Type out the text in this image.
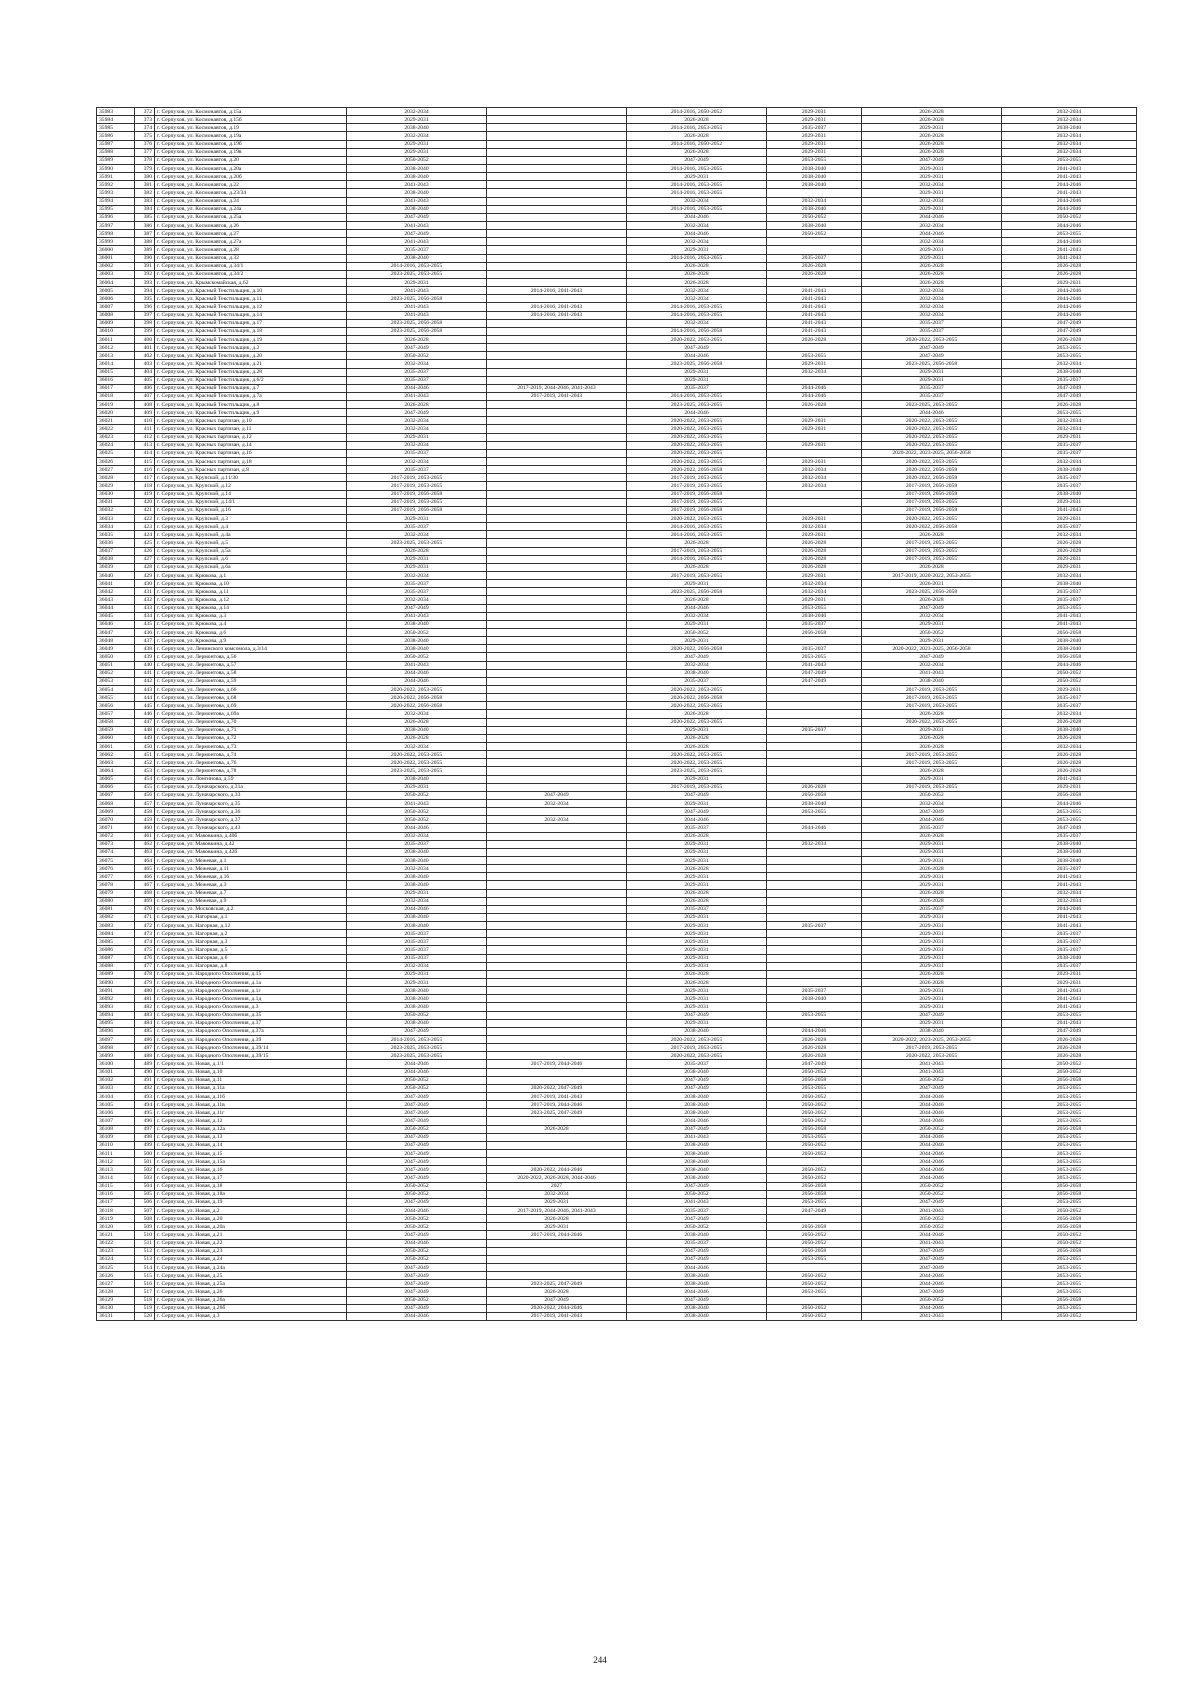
35983	372	г. Серпухов, ул. Космонавтов, д.15а	2032-2034		2014-2016, 2050-2052	2029-2031	2026-2028	2032-2034
35984	373	г. Серпухов, ул. Космонавтов, д.15б	2029-2031		2026-2028	2029-2031	2026-2028	2032-2034
35985	374	г. Серпухов, ул. Космонавтов, д.19	2038-2040		2014-2016, 2053-2055	2035-2037	2029-2031	2038-2040
35986	375	г. Серпухов, ул. Космонавтов, д.19а	2032-2034		2026-2028	2029-2031	2026-2028	2032-2034
35987	376	г. Серпухов, ул. Космонавтов, д.19б	2029-2031		2014-2016, 2050-2052	2029-2031	2026-2028	2032-2034
35988	377	г. Серпухов, ул. Космонавтов, д.19в	2029-2031		2026-2028	2029-2031	2026-2028	2032-2034
35989	378	г. Серпухов, ул. Космонавтов, д.20	2050-2052		2047-2049	2053-2055	2047-2049	2053-2055
35990	379	г. Серпухов, ул. Космонавтов, д.20а	2038-2040		2014-2016, 2053-2055	2038-2040	2029-2031	2041-2043
35991	380	г. Серпухов, ул. Космонавтов, д.20б	2038-2040		2029-2031	2038-2040	2029-2031	2041-2043
35992	381	г. Серпухов, ул. Космонавтов, д.22	2041-2043		2014-2016, 2053-2055	2038-2040	2032-2034	2044-2046
35993	382	г. Серпухов, ул. Космонавтов, д.23/34	2038-2040		2014-2016, 2053-2055		2029-2031	2041-2043
35994	383	г. Серпухов, ул. Космонавтов, д.24	2041-2043		2032-2034	2032-2034	2032-2034	2044-2046
35995	384	г. Серпухов, ул. Космонавтов, д.24а	2038-2040		2014-2016, 2053-2055	2038-2040	2029-2031	2044-2046
35996	385	г. Серпухов, ул. Космонавтов, д.25а	2047-2049		2044-2046	2050-2052	2044-2046	2050-2052
35997	386	г. Серпухов, ул. Космонавтов, д.26	2041-2043		2032-2034	2038-2040	2032-2034	2044-2046
35998	387	г. Серпухов, ул. Космонавтов, д.27	2047-2049		2044-2046	2050-2052	2044-2046	2053-2055
35999	388	г. Серпухов, ул. Космонавтов, д.27а	2041-2043		2032-2034		2032-2034	2044-2046
36000	389	г. Серпухов, ул. Космонавтов, д.28	2035-2037		2029-2031		2029-2031	2041-2043
36001	390	г. Серпухов, ул. Космонавтов, д.32	2038-2040		2014-2016, 2053-2055	2035-2037	2029-2031	2041-2043
36002	391	г. Серпухов, ул. Космонавтов, д.34/1	2014-2016, 2053-2055		2026-2028	2026-2028	2026-2028	2026-2028
36003	392	г. Серпухов, ул. Космонавтов, д.34/2	2023-2025, 2053-2055		2026-2028	2026-2028	2026-2028	2026-2028
36004	393	г. Серпухов, ул. Крымскомайская, д.62	2029-2031		2026-2028		2026-2028	2029-2031
36005	394	г. Серпухов, ул. Красный Текстильщик, д.10	2041-2043	2014-2016, 2041-2043	2032-2034	2041-2043	2032-2034	2044-2046
36006	395	г. Серпухов, ул. Красный Текстильщик, д.11	2023-2025, 2056-2058		2032-2034	2041-2043	2032-2034	2044-2046
36007	396	г. Серпухов, ул. Красный Текстильщик, д.12	2041-2043	2014-2016, 2041-2043	2014-2016, 2053-2055	2041-2043	2032-2034	2044-2046
36008	397	г. Серпухов, ул. Красный Текстильщик, д.14	2041-2043	2014-2016, 2041-2043	2014-2016, 2053-2055	2041-2043	2032-2034	2044-2046
36009	398	г. Серпухов, ул. Красный Текстильщик, д.17	2023-2025, 2056-2058		2032-2034	2041-2043	2035-2037	2047-2049
36010	399	г. Серпухов, ул. Красный Текстильщик, д.18	2023-2025, 2056-2058		2014-2016, 2056-2058	2041-2043	2035-2037	2047-2049
36011	400	г. Серпухов, ул. Красный Текстильщик, д.19	2026-2028		2020-2022, 2053-2055	2026-2028	2020-2022, 2053-2055	2026-2028
36012	401	г. Серпухов, ул. Красный Текстильщик, д.2	2047-2049		2047-2049		2047-2049	2053-2055
36013	402	г. Серпухов, ул. Красный Текстильщик, д.20	2050-2052		2044-2046	2053-2055	2047-2049	2053-2055
36014	403	г. Серпухов, ул. Красный Текстильщик, д.21	2032-2034		2023-2025, 2056-2058	2029-2031	2023-2025, 2056-2058	2032-2034
36015	404	г. Серпухов, ул. Красный Текстильщик, д.28	2035-2037		2029-2031	2032-2034	2029-2031	2038-2040
36016	405	г. Серпухов, ул. Красный Текстильщик, д.6/2	2035-2037		2029-2031		2029-2031	2035-2037
36017	406	г. Серпухов, ул. Красный Текстильщик, д.7	2044-2046	2017-2019, 2044-2046, 2041-2043	2035-2037	2044-2046	2035-2037	2047-2049
36018	407	г. Серпухов, ул. Красный Текстильщик, д.7а	2041-2043	2017-2019, 2041-2043	2014-2016, 2053-2055	2044-2046	2035-2037	2047-2049
36019	408	г. Серпухов, ул. Красный Текстильщик, д.8	2026-2028		2023-2025, 2053-2055	2026-2028	2023-2025, 2053-2055	2026-2028
36020	409	г. Серпухов, ул. Красный Текстильщик, д.9	2047-2049		2044-2046		2044-2046	2053-2055
36021	410	г. Серпухов, ул. Красных партизан, д.10	2032-2034		2020-2022, 2053-2055	2029-2031	2020-2022, 2053-2055	2032-2034
36022	411	г. Серпухов, ул. Красных партизан, д.11	2032-2034		2020-2022, 2053-2055	2029-2031	2020-2022, 2053-2055	2032-2034
36023	412	г. Серпухов, ул. Красных партизан, д.12	2029-2031		2020-2022, 2053-2055		2020-2022, 2053-2055	2029-2031
36024	413	г. Серпухов, ул. Красных партизан, д.14	2032-2034		2020-2022, 2053-2055	2029-2031	2020-2022, 2053-2055	2035-2037
36025	414	г. Серпухов, ул. Красных партизан, д.16	2035-2037		2020-2022, 2053-2055		2020-2022, 2023-2025, 2056-2058	2035-2037
36026	415	г. Серпухов, ул. Красных партизан, д.18	2032-2034		2020-2022, 2053-2055	2029-2031	2020-2022, 2053-2055	2032-2034
36027	416	г. Серпухов, ул. Красных партизан, д.8	2035-2037		2020-2022, 2056-2058	2032-2034	2020-2022, 2056-2058	2038-2040
36028	417	г. Серпухов, ул. Крупской, д.11/30	2017-2019, 2053-2055		2017-2019, 2053-2055	2032-2034	2020-2022, 2056-2058	2035-2037
36029	418	г. Серпухов, ул. Крупской, д.12	2017-2019, 2053-2055		2017-2019, 2053-2055	2032-2034	2017-2019, 2056-2058	2035-2037
36030	419	г. Серпухов, ул. Крупской, д.14	2017-2019, 2056-2058		2017-2019, 2056-2058		2017-2019, 2056-2058	2038-2040
36031	420	г. Серпухов, ул. Крупской, д.14/1	2017-2019, 2053-2055		2017-2019, 2053-2055		2017-2019, 2053-2055	2029-2031
36032	421	г. Серпухов, ул. Крупской, д.16	2017-2019, 2056-2058		2017-2019, 2056-2058		2017-2019, 2056-2058	2041-2043
36033	422	г. Серпухов, ул. Крупской, д.3	2029-2031		2020-2022, 2053-2055	2029-2031	2020-2022, 2053-2055	2029-2031
36034	423	г. Серпухов, ул. Крупской, д.4	2035-2037		2014-2016, 2053-2055	2032-2034	2020-2022, 2056-2058	2035-2037
36035	424	г. Серпухов, ул. Крупской, д.4а	2032-2034		2014-2016, 2053-2055	2029-2031	2026-2028	2032-2034
36036	425	г. Серпухов, ул. Крупской, д.5	2023-2025, 2053-2055		2026-2028	2026-2028	2017-2019, 2053-2055	2026-2028
36037	426	г. Серпухов, ул. Крупской, д.5а	2026-2028		2017-2019, 2053-2055	2026-2028	2017-2019, 2053-2055	2026-2028
36038	427	г. Серпухов, ул. Крупской, д.6	2029-2031		2014-2016, 2053-2055	2026-2028	2017-2019, 2053-2055	2029-2031
36039	428	г. Серпухов, ул. Крупской, д.6а	2029-2031		2026-2028	2026-2028	2026-2028	2029-2031
36040	429	г. Серпухов, ул. Крюкова, д.1	2032-2034		2017-2019, 2053-2055	2029-2031	2017-2019, 2020-2022, 2053-2055	2032-2034
36041	430	г. Серпухов, ул. Крюкова, д.10	2035-2037		2029-2031	2032-2034	2026-2031	2038-2040
36042	431	г. Серпухов, ул. Крюкова, д.11	2035-2037		2023-2025, 2056-2058	2032-2034	2023-2025, 2056-2058	2035-2037
36043	432	г. Серпухов, ул. Крюкова, д.12	2032-2034		2026-2028	2029-2031	2026-2028	2035-2037
36044	433	г. Серпухов, ул. Крюкова, д.14	2047-2049		2044-2046	2053-2055	2047-2049	2053-2055
36045	434	г. Серпухов, ул. Крюкова, д.3	2041-2043		2032-2034	2038-2040	2032-2034	2041-2043
36046	435	г. Серпухов, ул. Крюкова, д.4	2038-2040		2029-2031	2035-2037	2029-2031	2041-2043
36047	436	г. Серпухов, ул. Крюкова, д.6	2050-2052		2050-2052	2056-2058	2050-2052	2056-2058
36048	437	г. Серпухов, ул. Крюкова, д.9	2038-2040		2029-2031		2029-2031	2038-2040
36049	438	г. Серпухов, ул. Ленинского комсомола, д.3/14	2038-2040		2020-2022, 2056-2058	2035-2037	2020-2022, 2023-2025, 2056-2058	2038-2040
36050	439	г. Серпухов, ул. Лермонтова, д.56	2050-2052		2047-2049	2053-2055	2047-2049	2056-2058
36051	440	г. Серпухов, ул. Лермонтова, д.57	2041-2043		2032-2034	2041-2043	2032-2034	2044-2046
36052	441	г. Серпухов, ул. Лермонтова, д.58	2044-2046		2038-2040	2047-2049	2041-2043	2050-2052
36053	442	г. Серпухов, ул. Лермонтова, д.59	2044-2046		2035-2037	2047-2049	2038-2040	2050-2052
36054	443	г. Серпухов, ул. Лермонтова, д.66	2020-2022, 2053-2055		2020-2022, 2053-2055		2017-2019, 2053-2055	2029-2031
36055	444	г. Серпухов, ул. Лермонтова, д.68	2020-2022, 2056-2058		2020-2022, 2056-2058		2017-2019, 2053-2055	2035-2037
36056	445	г. Серпухов, ул. Лермонтова, д.69	2020-2022, 2056-2058		2020-2022, 2053-2055		2017-2019, 2053-2055	2035-2037
36057	446	г. Серпухов, ул. Лермонтова, д.69а	2032-2034		2026-2028		2026-2028	2032-2034
36058	447	г. Серпухов, ул. Лермонтова, д.70	2026-2028		2020-2022, 2053-2055		2020-2022, 2053-2055	2026-2028
36059	448	г. Серпухов, ул. Лермонтова, д.71	2038-2040		2029-2031	2035-2037	2029-2031	2038-2040
36060	449	г. Серпухов, ул. Лермонтова, д.72	2026-2028		2026-2028		2026-2028	2026-2028
36061	450	г. Серпухов, ул. Лермонтова, д.73	2032-2034		2026-2028		2026-2028	2032-2034
36062	451	г. Серпухов, ул. Лермонтова, д.74	2020-2022, 2053-2055		2020-2022, 2053-2055		2017-2019, 2053-2055	2026-2028
36063	452	г. Серпухов, ул. Лермонтова, д.76	2020-2022, 2053-2055		2020-2022, 2053-2055		2017-2019, 2053-2055	2026-2028
36064	453	г. Серпухов, ул. Лермонтова, д.78	2023-2025, 2053-2055		2023-2025, 2053-2055		2026-2028	2026-2028
36065	454	г. Серпухов, ул. Лонгинова, д.59	2038-2040		2029-2031		2029-2031	2041-2043
36066	455	г. Серпухов, ул. Луначарского, д.31а	2029-2031		2017-2019, 2053-2055	2026-2028	2017-2019, 2053-2055	2029-2031
36067	456	г. Серпухов, ул. Луначарского, д.33	2050-2052	2047-2049	2047-2049	2056-2058	2050-2052	2056-2058
36068	457	г. Серпухов, ул. Луначарского, д.35	2041-2043	2032-2034	2029-2031	2038-2040	2032-2034	2044-2046
36069	458	г. Серпухов, ул. Луначарского, д.36	2050-2052		2047-2049	2053-2055	2047-2049	2053-2055
36070	459	г. Серпухов, ул. Луначарского, д.37	2050-2052	2032-2034	2044-2046		2044-2046	2053-2055
36071	460	г. Серпухов, ул. Луначарского, д.43	2044-2046		2035-2037	2044-2046	2035-2037	2047-2049
36072	461	г. Серпухов, ул. Маковкина, д.40б	2032-2034		2026-2028		2026-2028	2035-2037
36073	462	г. Серпухов, ул. Маковкина, д.42	2035-2037		2029-2031	2032-2034	2029-2031	2038-2040
36074	463	г. Серпухов, ул. Маковкина, д.42б	2038-2040		2029-2031		2029-2031	2038-2040
36075	464	г. Серпухов, ул. Межевая, д.1	2038-2040		2029-2031		2029-2031	2038-2040
36076	465	г. Серпухов, ул. Межевая, д.11	2032-2034		2026-2028		2026-2028	2035-2037
36077	466	г. Серпухов, ул. Межевая, д.16	2038-2040		2029-2031		2029-2031	2041-2043
36078	467	г. Серпухов, ул. Межевая, д.3	2038-2040		2029-2031		2029-2031	2041-2043
36079	468	г. Серпухов, ул. Межевая, д.7	2029-2031		2026-2028		2026-2028	2032-2034
36080	469	г. Серпухов, ул. Межевая, д.9	2032-2034		2026-2028		2026-2028	2032-2034
36081	470	г. Серпухов, ул. Московская, д.2	2044-2046		2035-2037		2035-2037	2044-2046
36082	471	г. Серпухов, ул. Нагорная, д.1	2038-2040		2029-2031		2029-2031	2041-2043
36083	472	г. Серпухов, ул. Нагорная, д.12	2038-2040		2029-2031	2035-2037	2029-2031	2041-2043
36084	473	г. Серпухов, ул. Нагорная, д.2	2035-2037		2029-2031		2029-2031	2035-2037
36085	474	г. Серпухов, ул. Нагорная, д.3	2035-2037		2029-2031		2029-2031	2035-2037
36086	475	г. Серпухов, ул. Нагорная, д.5	2035-2037		2029-2031		2029-2031	2035-2037
36087	476	г. Серпухов, ул. Нагорная, д.6	2035-2037		2029-2031		2029-2031	2038-2040
36088	477	г. Серпухов, ул. Нагорная, д.8	2032-2034		2029-2031		2029-2031	2035-2037
36089	478	г. Серпухов, ул. Народного Ополчения, д.15	2029-2031		2026-2028		2026-2028	2029-2031
36090	479	г. Серпухов, ул. Народного Ополчения, д.1а	2029-2031		2026-2028		2026-2028	2029-2031
36091	480	г. Серпухов, ул. Народного Ополчения, д.1г	2038-2040		2029-2031	2035-2037	2029-2031	2041-2043
36092	481	г. Серпухов, ул. Народного Ополчения, д.1д	2038-2040		2029-2031	2038-2040	2029-2031	2041-2043
36093	482	г. Серпухов, ул. Народного Ополчения, д.3	2038-2040		2029-2031		2029-2031	2041-2043
36094	483	г. Серпухов, ул. Народного Ополчения, д.35	2050-2052		2047-2049	2053-2055	2047-2049	2053-2055
36095	484	г. Серпухов, ул. Народного Ополчения, д.37	2038-2040		2029-2031		2029-2031	2041-2043
36096	485	г. Серпухов, ул. Народного Ополчения, д.37а	2047-2049		2038-2040	2044-2046	2038-2040	2047-2049
36097	486	г. Серпухов, ул. Народного Ополчения, д.39	2014-2016, 2053-2055		2020-2022, 2053-2055	2026-2028	2020-2022, 2023-2025, 2053-2055	2026-2028
36098	487	г. Серпухов, ул. Народного Ополчения, д.39/14	2023-2025, 2053-2055		2017-2019, 2053-2055	2026-2028	2017-2019, 2053-2055	2026-2028
36099	488	г. Серпухов, ул. Народного Ополчения, д.39/15	2023-2025, 2053-2055		2020-2022, 2053-2055	2026-2028	2020-2022, 2053-2055	2026-2028
36100	489	г. Серпухов, ул. Новая, д.1/1	2044-2046	2017-2019, 2044-2046	2035-2037	2047-2049	2041-2043	2050-2052
36101	490	г. Серпухов, ул. Новая, д.10	2044-2046		2038-2040	2050-2052	2041-2043	2050-2052
36102	491	г. Серпухов, ул. Новая, д.11	2050-2052		2047-2049	2056-2058	2050-2052	2056-2058
36103	492	г. Серпухов, ул. Новая, д.11а	2050-2052	2020-2022, 2047-2049	2047-2049	2053-2055	2047-2049	2053-2055
36104	493	г. Серпухов, ул. Новая, д.11б	2047-2049	2017-2019, 2041-2043	2038-2040	2050-2052	2044-2046	2053-2055
36105	494	г. Серпухов, ул. Новая, д.11в	2047-2049	2017-2019, 2044-2046	2038-2040	2050-2052	2044-2046	2053-2055
36106	495	г. Серпухов, ул. Новая, д.11г	2047-2049	2023-2025, 2047-2049	2038-2040	2050-2052	2044-2046	2053-2055
36107	496	г. Серпухов, ул. Новая, д.12	2047-2049		2044-2046	2050-2052	2044-2046	2053-2055
36108	497	г. Серпухов, ул. Новая, д.12а	2050-2052	2026-2028	2047-2049	2056-2058	2050-2052	2056-2058
36109	498	г. Серпухов, ул. Новая, д.13	2047-2049		2041-2043	2053-2055	2044-2046	2053-2055
36110	499	г. Серпухов, ул. Новая, д.14	2047-2049		2038-2040	2050-2052	2044-2046	2053-2055
36111	500	г. Серпухов, ул. Новая, д.15	2047-2049		2038-2040	2050-2052	2044-2046	2053-2055
36112	501	г. Серпухов, ул. Новая, д.15а	2047-2049		2038-2040		2044-2046	2053-2055
36113	502	г. Серпухов, ул. Новая, д.16	2047-2049	2020-2022, 2044-2046	2038-2040	2050-2052	2044-2046	2053-2055
36114	503	г. Серпухов, ул. Новая, д.17	2047-2049	2020-2022, 2026-2028, 2044-2046	2038-2040	2050-2052	2044-2046	2053-2055
36115	504	г. Серпухов, ул. Новая, д.18	2050-2052	2027	2047-2049	2056-2058	2050-2052	2056-2058
36116	505	г. Серпухов, ул. Новая, д.18а	2050-2052	2032-2034	2050-2052	2056-2058	2050-2052	2056-2058
36117	506	г. Серпухов, ул. Новая, д.19	2047-2049	2029-2031	2041-2043	2053-2055	2047-2049	2053-2055
36118	507	г. Серпухов, ул. Новая, д.2	2044-2046	2017-2019, 2044-2046, 2041-2043	2035-2037	2047-2049	2041-2043	2050-2052
36119	508	г. Серпухов, ул. Новая, д.20	2050-2052	2026-2028	2047-2049		2050-2052	2056-2058
36120	509	г. Серпухов, ул. Новая, д.20а	2050-2052	2029-2031	2050-2052	2056-2058	2050-2052	2056-2058
36121	510	г. Серпухов, ул. Новая, д.21	2047-2049	2017-2019, 2044-2046	2038-2040	2050-2052	2044-2046	2050-2052
36122	511	г. Серпухов, ул. Новая, д.22	2044-2046		2035-2037	2050-2052	2041-2043	2050-2052
36123	512	г. Серпухов, ул. Новая, д.23	2050-2052		2047-2049	2056-2058	2047-2049	2056-2058
36124	513	г. Серпухов, ул. Новая, д.24	2050-2052		2047-2049	2053-2055	2047-2049	2053-2055
36125	514	г. Серпухов, ул. Новая, д.24а	2047-2049		2044-2046		2047-2049	2053-2055
36126	515	г. Серпухов, ул. Новая, д.25	2047-2049		2038-2040	2050-2052	2044-2046	2053-2055
36127	516	г. Серпухов, ул. Новая, д.25а	2047-2049	2023-2025, 2047-2049	2038-2040	2050-2052	2044-2046	2053-2055
36128	517	г. Серпухов, ул. Новая, д.26	2047-2049	2026-2028	2044-2046	2053-2055	2047-2049	2053-2055
36129	518	г. Серпухов, ул. Новая, д.26а	2050-2052	2047-2049	2047-2049		2050-2052	2056-2058
36130	519	г. Серпухов, ул. Новая, д.26б	2047-2049	2020-2022, 2044-2046	2038-2040	2050-2052	2044-2046	2053-2055
36131	520	г. Серпухов, ул. Новая, д.3	2044-2046	2017-2019, 2041-2043	2038-2040	2050-2052	2041-2043	2050-2052
244
